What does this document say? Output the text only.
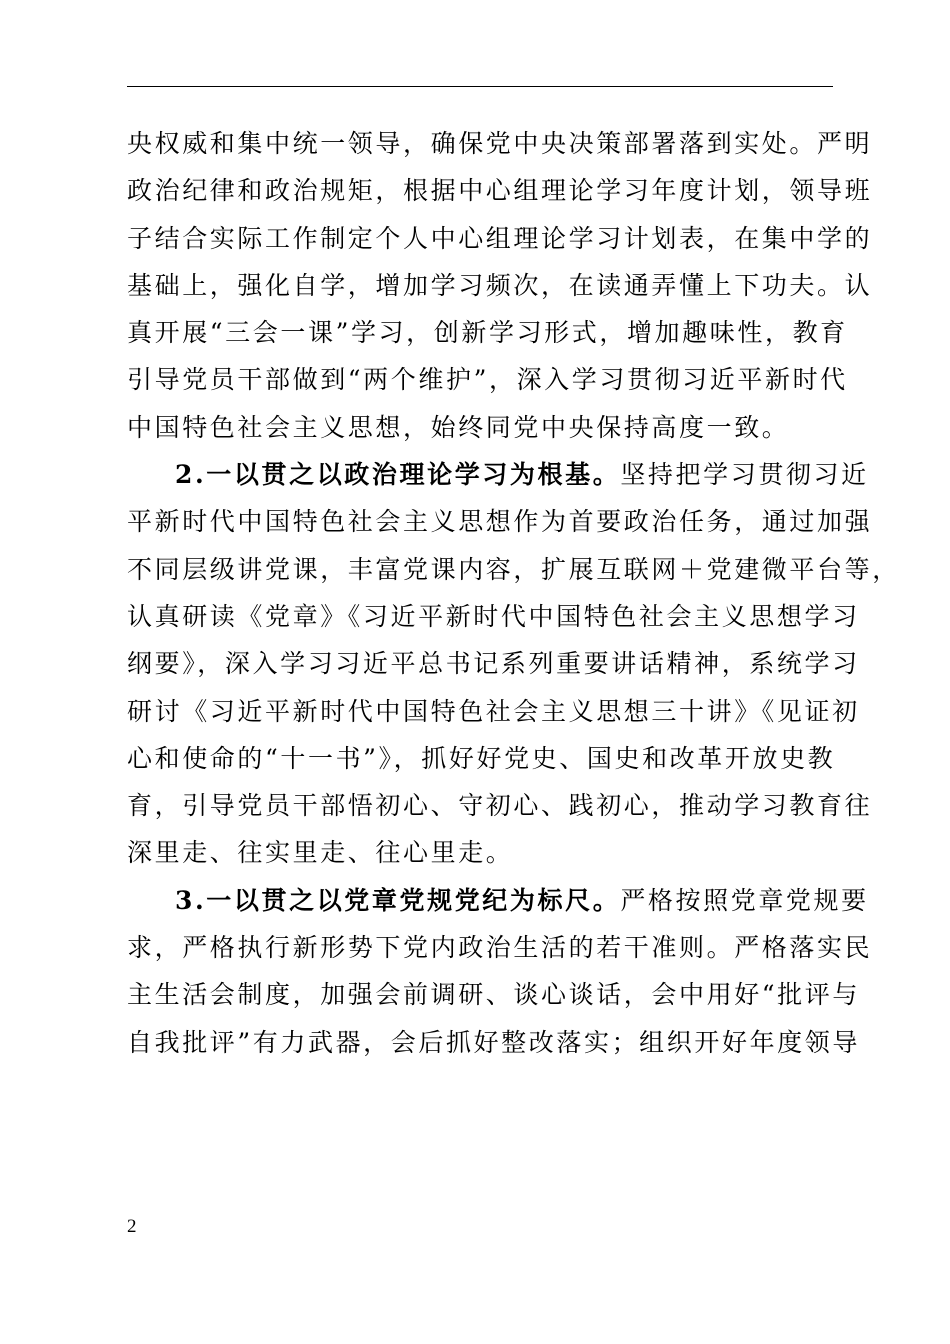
央权威和集中统一领导，确保党中央决策部署落到实处。严明
政治纪律和政治规矩，根据中心组理论学习年度计划，领导班
子结合实际工作制定个人中心组理论学习计划表，在集中学的
基础上，强化自学，增加学习频次，在读通弄懂上下功夫。认
真开展“三会一课”学习，创新学习形式，增加趣味性，教育
引导党员干部做到“两个维护”，深入学习贯彻习近平新时代
中国特色社会主义思想，始终同党中央保持高度一致。
2.一以贯之以政治理论学习为根基。坚持把学习贯彻习近
平新时代中国特色社会主义思想作为首要政治任务，通过加强
不同层级讲党课，丰富党课内容，扩展互联网＋党建微平台等，
认真研读《党章》《习近平新时代中国特色社会主义思想学习
纲要》，深入学习习近平总书记系列重要讲话精神，系统学习
研讨《习近平新时代中国特色社会主义思想三十讲》《见证初
心和使命的“十一书”》，抓好好党史、国史和改革开放史教
育，引导党员干部悟初心、守初心、践初心，推动学习教育往
深里走、往实里走、往心里走。
3.一以贯之以党章党规党纪为标尺。严格按照党章党规要
求，严格执行新形势下党内政治生活的若干准则。严格落实民
主生活会制度，加强会前调研、谈心谈话，会中用好“批评与
自我批评”有力武器，会后抓好整改落实；组织开好年度领导
2
